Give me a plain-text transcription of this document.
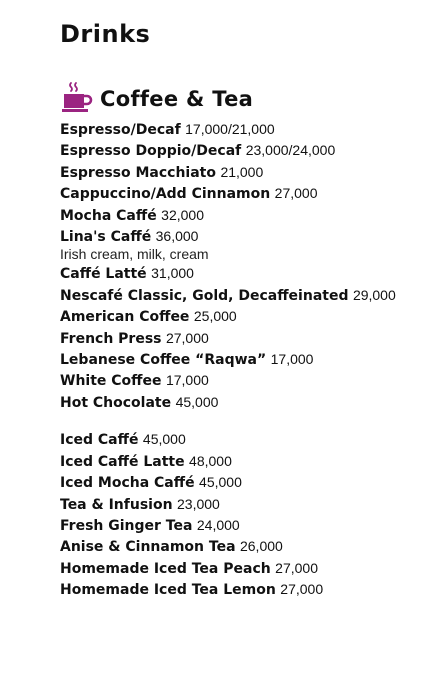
Drinks
Coffee & Tea
Espresso/Decaf 17,000/21,000
Espresso Doppio/Decaf 23,000/24,000
Espresso Macchiato 21,000
Cappuccino/Add Cinnamon 27,000
Mocha Caffé 32,000
Lina's Caffé 36,000
Irish cream, milk, cream
Caffé Latté 31,000
Nescafé Classic, Gold, Decaffeinated 29,000
American Coffee 25,000
French Press 27,000
Lebanese Coffee “Raqwa” 17,000
White Coffee 17,000
Hot Chocolate 45,000
Iced Caffé 45,000
Iced Caffé Latte 48,000
Iced Mocha Caffé 45,000
Tea & Infusion 23,000
Fresh Ginger Tea 24,000
Anise & Cinnamon Tea 26,000
Homemade Iced Tea Peach 27,000
Homemade Iced Tea Lemon 27,000
